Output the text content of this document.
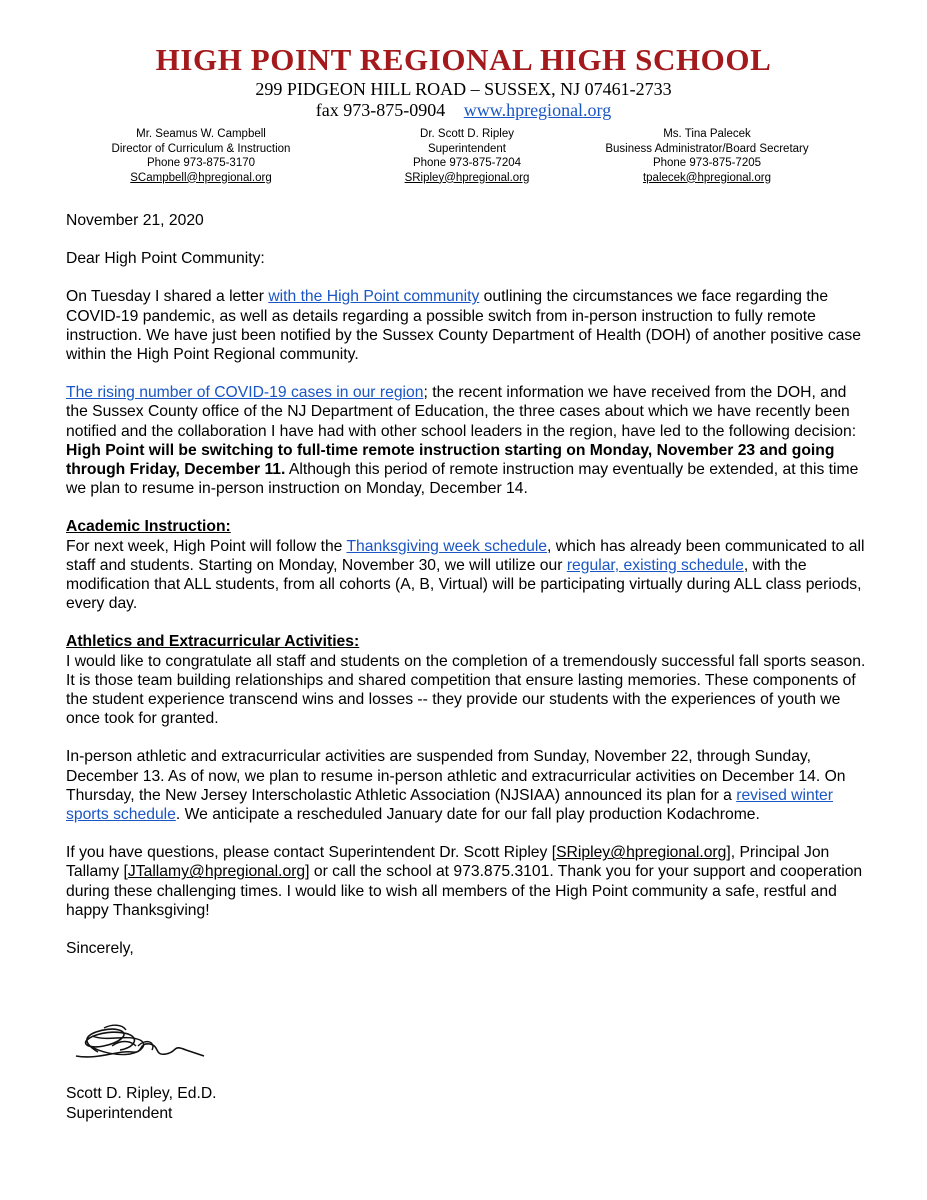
HIGH POINT REGIONAL HIGH SCHOOL
299 PIDGEON HILL ROAD – SUSSEX, NJ 07461-2733
fax 973-875-0904 www.hpregional.org
Mr. Seamus W. Campbell
Director of Curriculum & Instruction
Phone 973-875-3170
SCampbell@hpregional.org
Dr. Scott D. Ripley
Superintendent
Phone 973-875-7204
SRipley@hpregional.org
Ms. Tina Palecek
Business Administrator/Board Secretary
Phone 973-875-7205
tpalecek@hpregional.org

November 21, 2020

Dear High Point Community:

On Tuesday I shared a letter with the High Point community outlining the circumstances we face regarding the COVID-19 pandemic, as well as details regarding a possible switch from in-person instruction to fully remote instruction. We have just been notified by the Sussex County Department of Health (DOH) of another positive case within the High Point Regional community.

The rising number of COVID-19 cases in our region; the recent information we have received from the DOH, and the Sussex County office of the NJ Department of Education, the three cases about which we have recently been notified and the collaboration I have had with other school leaders in the region, have led to the following decision: High Point will be switching to full-time remote instruction starting on Monday, November 23 and going through Friday, December 11. Although this period of remote instruction may eventually be extended, at this time we plan to resume in-person instruction on Monday, December 14.

Academic Instruction:

For next week, High Point will follow the Thanksgiving week schedule, which has already been communicated to all staff and students. Starting on Monday, November 30, we will utilize our regular, existing schedule, with the modification that ALL students, from all cohorts (A, B, Virtual) will be participating virtually during ALL class periods, every day.

Athletics and Extracurricular Activities:

I would like to congratulate all staff and students on the completion of a tremendously successful fall sports season. It is those team building relationships and shared competition that ensure lasting memories. These components of the student experience transcend wins and losses -- they provide our students with the experiences of youth we once took for granted.

In-person athletic and extracurricular activities are suspended from Sunday, November 22, through Sunday, December 13. As of now, we plan to resume in-person athletic and extracurricular activities on December 14. On Thursday, the New Jersey Interscholastic Athletic Association (NJSIAA) announced its plan for a revised winter sports schedule. We anticipate a rescheduled January date for our fall play production Kodachrome.

If you have questions, please contact Superintendent Dr. Scott Ripley [SRipley@hpregional.org], Principal Jon Tallamy [JTallamy@hpregional.org] or call the school at 973.875.3101. Thank you for your support and cooperation during these challenging times. I would like to wish all members of the High Point community a safe, restful and happy Thanksgiving!

Sincerely,

Scott D. Ripley, Ed.D.
Superintendent
